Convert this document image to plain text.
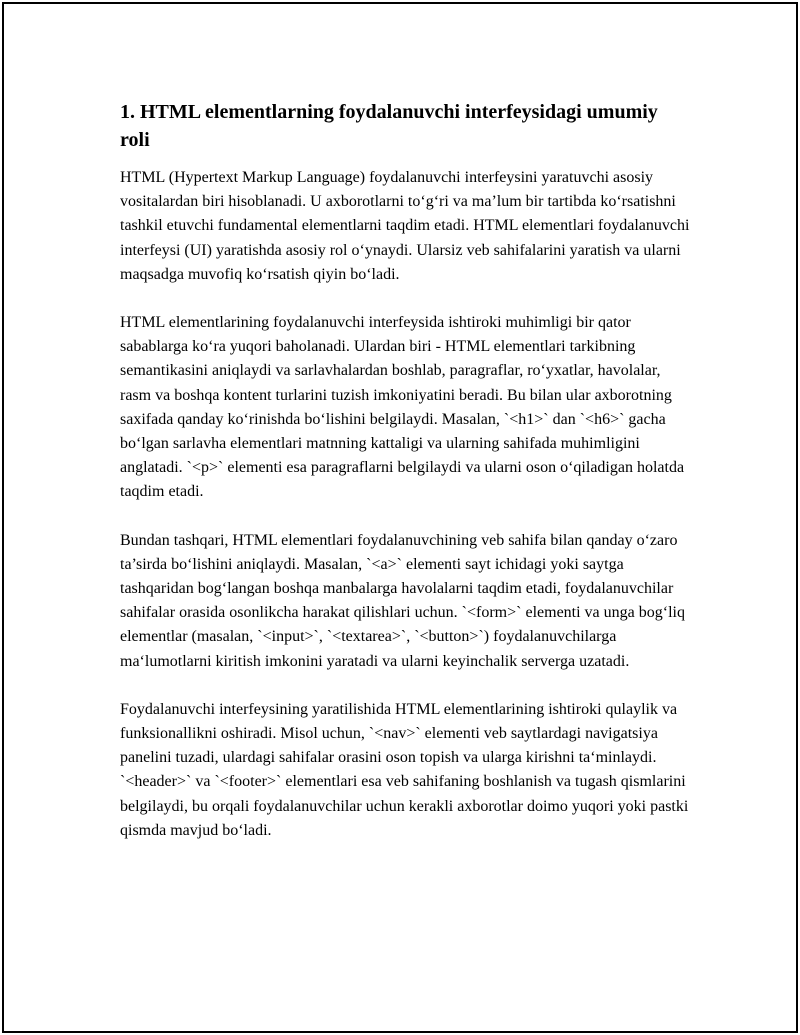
1. HTML elementlarning foydalanuvchi interfeysidagi umumiy roli

HTML (Hypertext Markup Language) foydalanuvchi interfeysini yaratuvchi asosiy vositalardan biri hisoblanadi. U axborotlarni to‘g‘ri va ma’lum bir tartibda ko‘rsatishni tashkil etuvchi fundamental elementlarni taqdim etadi. HTML elementlari foydalanuvchi interfeysi (UI) yaratishda asosiy rol o‘ynaydi. Ularsiz veb sahifalarini yaratish va ularni maqsadga muvofiq ko‘rsatish qiyin bo‘ladi.

HTML elementlarining foydalanuvchi interfeysida ishtiroki muhimligi bir qator sabablarga ko‘ra yuqori baholanadi. Ulardan biri - HTML elementlari tarkibning semantikasini aniqlaydi va sarlavhalardan boshlab, paragraflar, ro‘yxatlar, havolalar, rasm va boshqa kontent turlarini tuzish imkoniyatini beradi. Bu bilan ular axborotning saxifada qanday ko‘rinishda bo‘lishini belgilaydi. Masalan, `<h1>` dan `<h6>` gacha bo‘lgan sarlavha elementlari matnning kattaligi va ularning sahifada muhimligini anglatadi. `<p>` elementi esa paragraflarni belgilaydi va ularni oson o‘qiladigan holatda taqdim etadi.

Bundan tashqari, HTML elementlari foydalanuvchining veb sahifa bilan qanday o‘zaro ta’sirda bo‘lishini aniqlaydi. Masalan, `<a>` elementi sayt ichidagi yoki saytga tashqaridan bog‘langan boshqa manbalarga havolalarni taqdim etadi, foydalanuvchilar sahifalar orasida osonlikcha harakat qilishlari uchun. `<form>` elementi va unga bog‘liq elementlar (masalan, `<input>`, `<textarea>`, `<button>`) foydalanuvchilarga ma‘lumotlarni kiritish imkonini yaratadi va ularni keyinchalik serverga uzatadi.

Foydalanuvchi interfeysining yaratilishida HTML elementlarining ishtiroki qulaylik va funksionallikni oshiradi. Misol uchun, `<nav>` elementi veb saytlardagi navigatsiya panelini tuzadi, ulardagi sahifalar orasini oson topish va ularga kirishni ta‘minlaydi. `<header>` va `<footer>` elementlari esa veb sahifaning boshlanish va tugash qismlarini belgilaydi, bu orqali foydalanuvchilar uchun kerakli axborotlar doimo yuqori yoki pastki qismda mavjud bo‘ladi.
